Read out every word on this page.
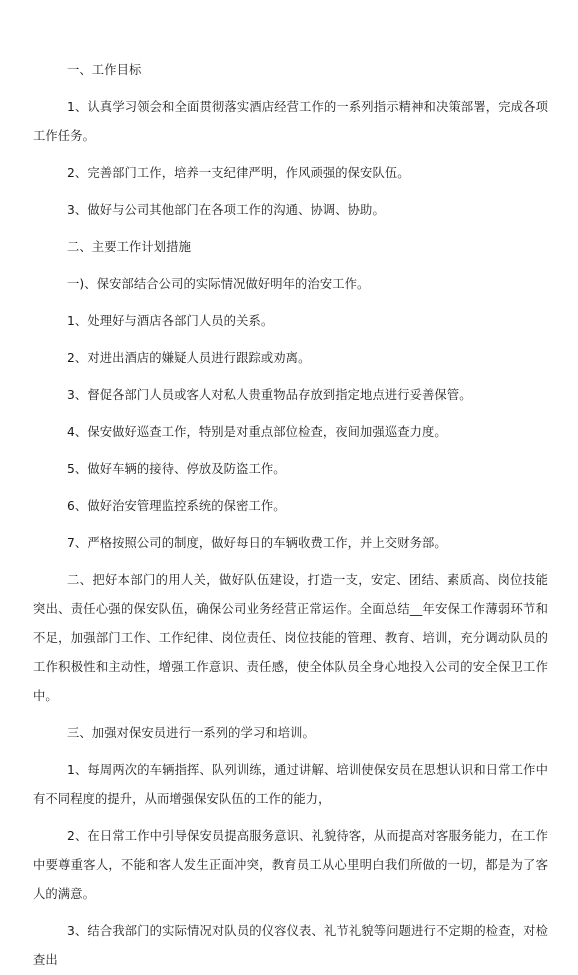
一、工作目标

1、认真学习领会和全面贯彻落实酒店经营工作的一系列指示精神和决策部署，完成各项工作任务。

2、完善部门工作，培养一支纪律严明，作风顽强的保安队伍。

3、做好与公司其他部门在各项工作的沟通、协调、协助。

二、主要工作计划措施

一)、保安部结合公司的实际情况做好明年的治安工作。

1、处理好与酒店各部门人员的关系。

2、对进出酒店的嫌疑人员进行跟踪或劝离。

3、督促各部门人员或客人对私人贵重物品存放到指定地点进行妥善保管。

4、保安做好巡查工作，特别是对重点部位检查，夜间加强巡查力度。

5、做好车辆的接待、停放及防盗工作。

6、做好治安管理监控系统的保密工作。

7、严格按照公司的制度，做好每日的车辆收费工作，并上交财务部。

二、把好本部门的用人关，做好队伍建设，打造一支，安定、团结、素质高、岗位技能突出、责任心强的保安队伍，确保公司业务经营正常运作。全面总结__年安保工作薄弱环节和不足，加强部门工作、工作纪律、岗位责任、岗位技能的管理、教育、培训，充分调动队员的工作积极性和主动性，增强工作意识、责任感，使全体队员全身心地投入公司的安全保卫工作中。

三、加强对保安员进行一系列的学习和培训。

1、每周两次的车辆指挥、队列训练，通过讲解、培训使保安员在思想认识和日常工作中有不同程度的提升，从而增强保安队伍的工作的能力，

2、在日常工作中引导保安员提高服务意识、礼貌待客，从而提高对客服务能力，在工作中要尊重客人，不能和客人发生正面冲突，教育员工从心里明白我们所做的一切，都是为了客人的满意。

3、结合我部门的实际情况对队员的仪容仪表、礼节礼貌等问题进行不定期的检查，对检查出
